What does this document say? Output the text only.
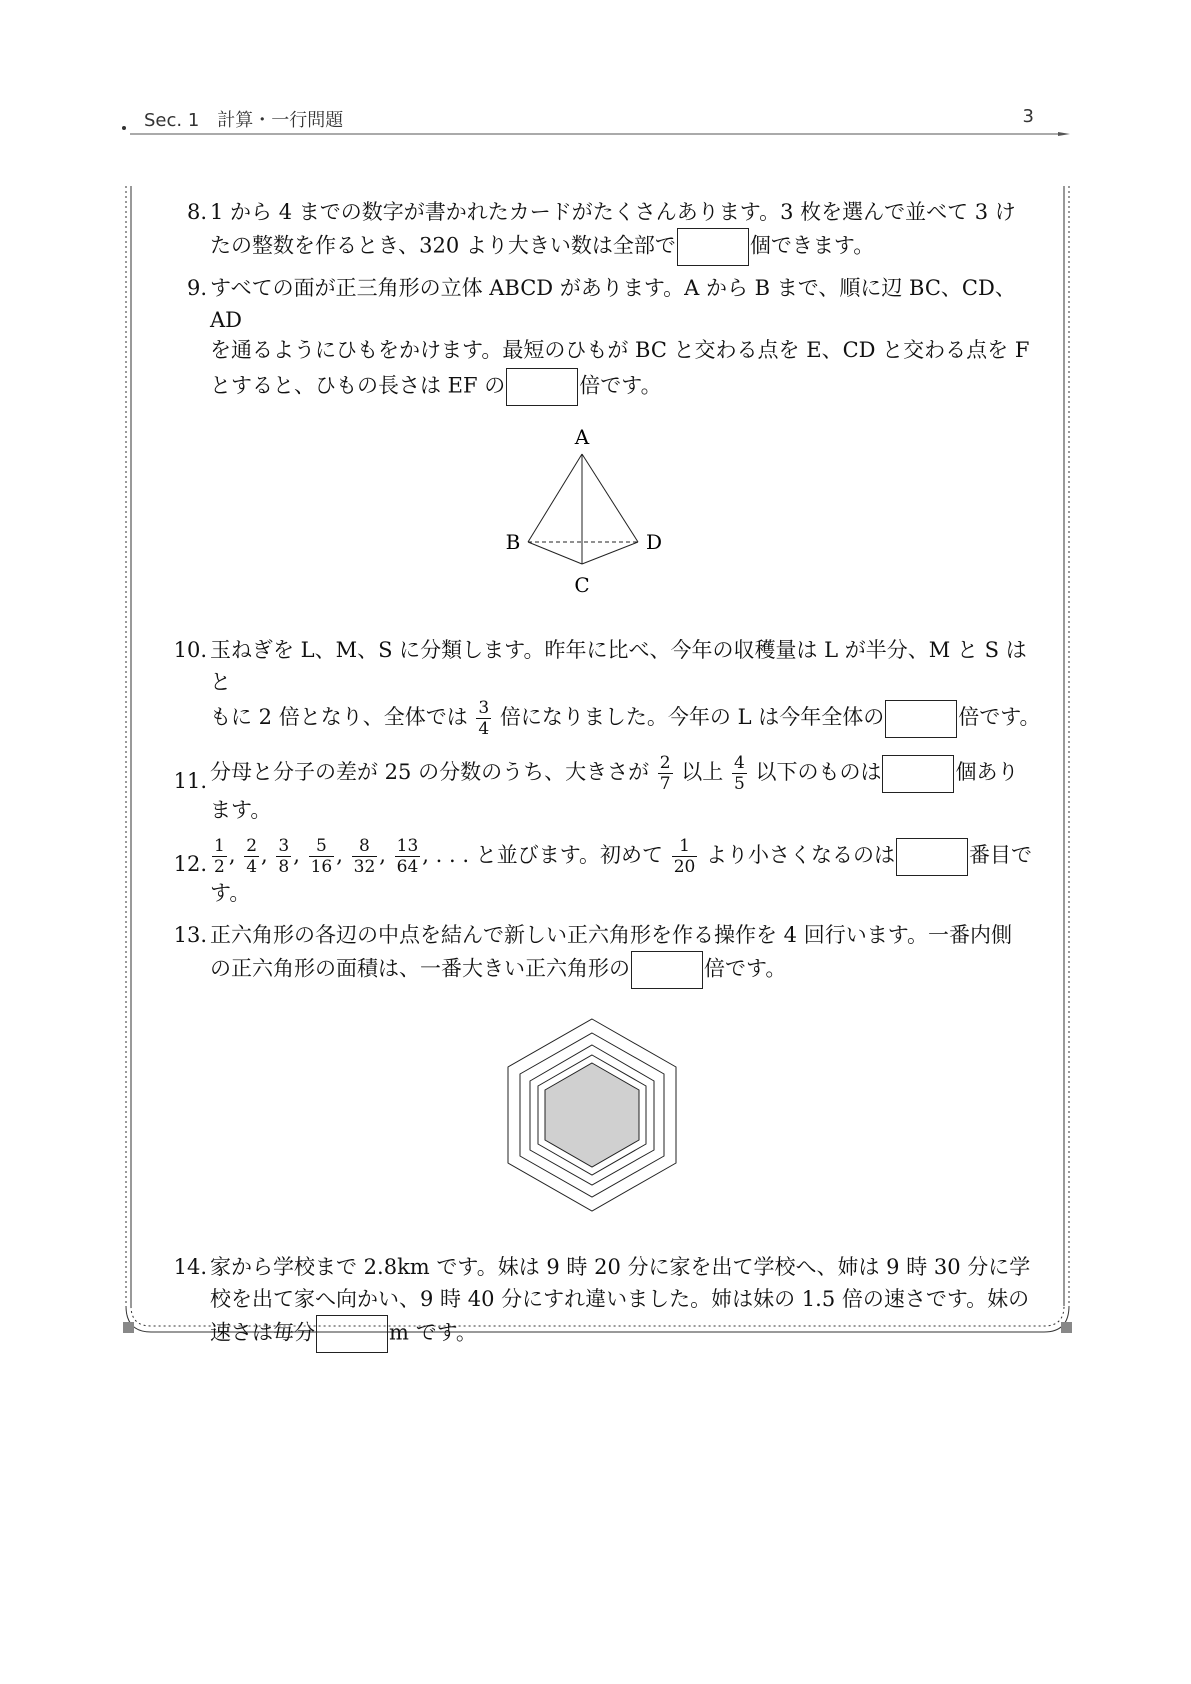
Sec. 1　計算・一行問題	3
8. 1 から 4 までの数字が書かれたカードがたくさんあります。3 枚を選んで並べて 3 け
たの整数を作るとき、320 より大きい数は全部で	個できます。
9. すべての面が正三角形の立体 ABCD があります。A から B まで、順に辺 BC、CD、AD
を通るようにひもをかけます。最短のひもが BC と交わる点を E、CD と交わる点を F
とすると、ひもの長さは EF の	倍です。
A
B
C
D
10. 玉ねぎを L、M、S に分類します。昨年に比べ、今年の収穫量は L が半分、M と S はと
もに 2 倍となり、全体では $\frac{3}{4}$ 倍になりました。今年の L は今年全体の	倍です。
11. 分母と分子の差が 25 の分数のうち、大きさが $\frac{2}{7}$ 以上 $\frac{4}{5}$ 以下のものは	個あり
ます。
12. $\frac{1}{2}$ , $\frac{2}{4}$ , $\frac{3}{8}$ , $\frac{5}{16}$ , $\frac{8}{32}$ , $\frac{13}{64}$ , . . . と並びます。初めて $\frac{1}{20}$ より小さくなるのは	番目です。
13. 正六角形の各辺の中点を結んで新しい正六角形を作る操作を 4 回行います。一番内側
の正六角形の面積は、一番大きい正六角形の	倍です。
14. 家から学校まで 2.8km です。妹は 9 時 20 分に家を出て学校へ、姉は 9 時 30 分に学
校を出て家へ向かい、9 時 40 分にすれ違いました。姉は妹の 1.5 倍の速さです。妹の
速さは毎分	m です。
